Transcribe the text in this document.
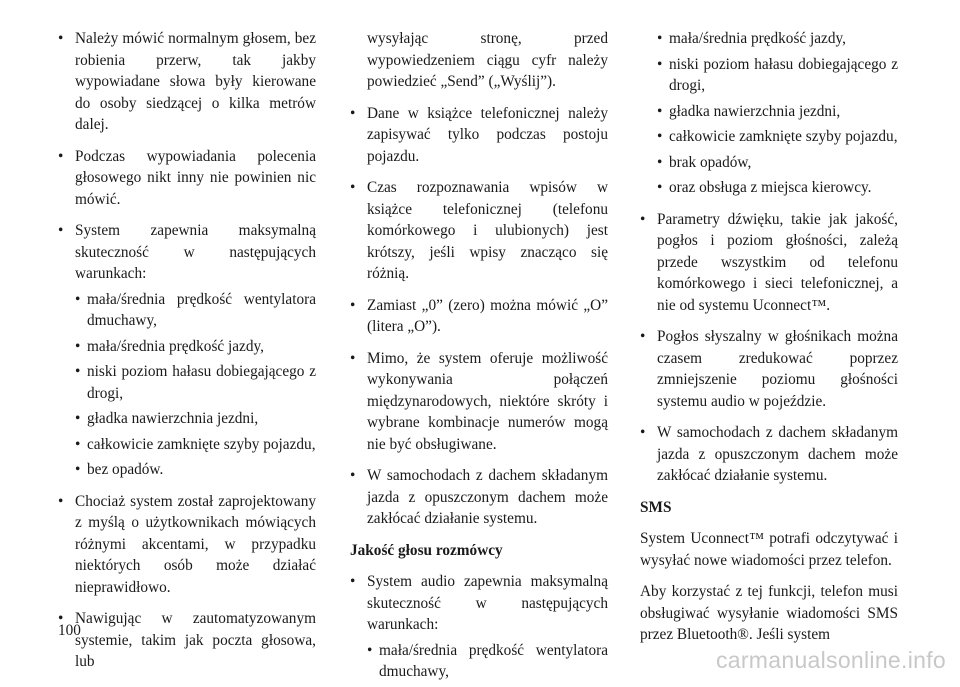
• Należy mówić normalnym głosem, bez robienia przerw, tak jakby wypowiadane słowa były kierowane do osoby siedzącej o kilka metrów dalej.
• Podczas wypowiadania polecenia głosowego nikt inny nie powinien nic mówić.
• System zapewnia maksymalną skuteczność w następujących warunkach:
• mała/średnia prędkość wentylatora dmuchawy,
• mała/średnia prędkość jazdy,
• niski poziom hałasu dobiegającego z drogi,
• gładka nawierzchnia jezdni,
• całkowicie zamknięte szyby pojazdu,
• bez opadów.
• Chociaż system został zaprojektowany z myślą o użytkownikach mówiących różnymi akcentami, w przypadku niektórych osób może działać nieprawidłowo.
• Nawigując w zautomatyzowanym systemie, takim jak poczta głosowa, lub
wysyłając stronę, przed wypowiedzeniem ciągu cyfr należy powiedzieć „Send” („Wyślij”).
• Dane w książce telefonicznej należy zapisywać tylko podczas postoju pojazdu.
• Czas rozpoznawania wpisów w książce telefonicznej (telefonu komórkowego i ulubionych) jest krótszy, jeśli wpisy znacząco się różnią.
• Zamiast „0” (zero) można mówić „O” (litera „O”).
• Mimo, że system oferuje możliwość wykonywania połączeń międzynarodowych, niektóre skróty i wybrane kombinacje numerów mogą nie być obsługiwane.
• W samochodach z dachem składanym jazda z opuszczonym dachem może zakłócać działanie systemu.
Jakość głosu rozmówcy
• System audio zapewnia maksymalną skuteczność w następujących warunkach:
• mała/średnia prędkość wentylatora dmuchawy,
• mała/średnia prędkość jazdy,
• niski poziom hałasu dobiegającego z drogi,
• gładka nawierzchnia jezdni,
• całkowicie zamknięte szyby pojazdu,
• brak opadów,
• oraz obsługa z miejsca kierowcy.
• Parametry dźwięku, takie jak jakość, pogłos i poziom głośności, zależą przede wszystkim od telefonu komórkowego i sieci telefonicznej, a nie od systemu Uconnect™.
• Pogłos słyszalny w głośnikach można czasem zredukować poprzez zmniejszenie poziomu głośności systemu audio w pojeździe.
• W samochodach z dachem składanym jazda z opuszczonym dachem może zakłócać działanie systemu.
SMS
System Uconnect™ potrafi odczytywać i wysyłać nowe wiadomości przez telefon.
Aby korzystać z tej funkcji, telefon musi obsługiwać wysyłanie wiadomości SMS przez Bluetooth®. Jeśli system
100
carmanualsonline.info
